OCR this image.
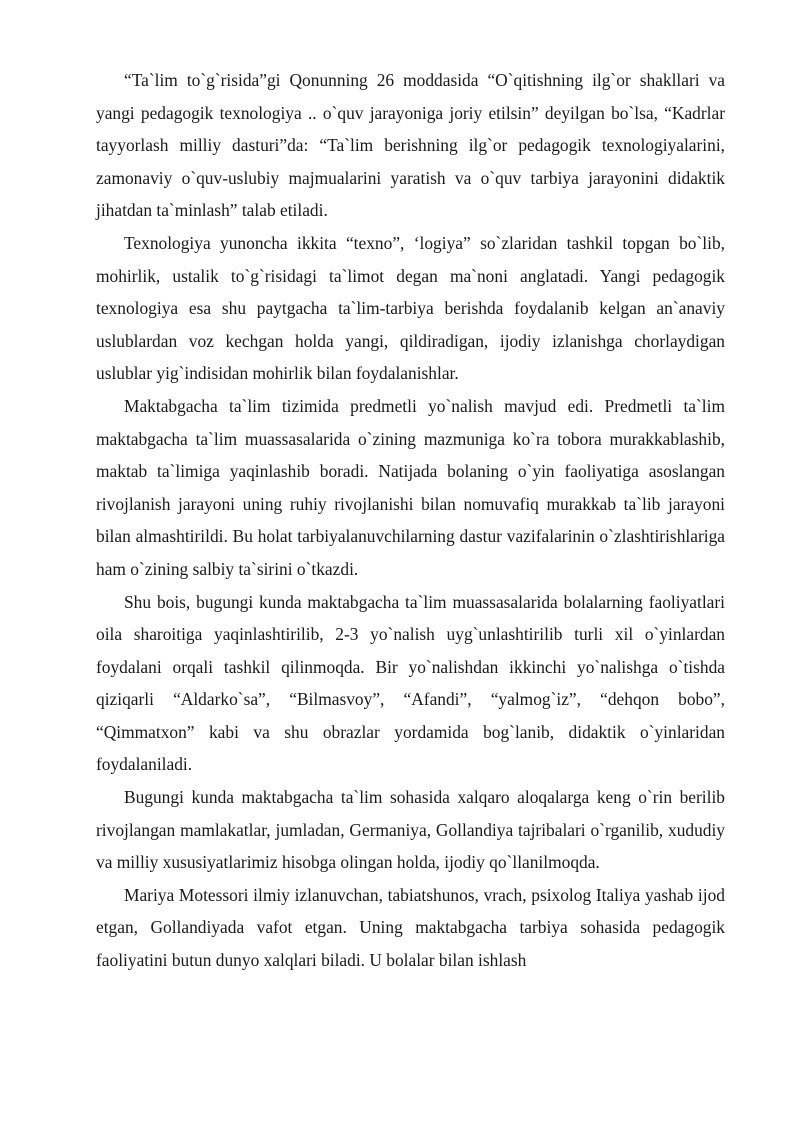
“Ta`lim to`g`risida”gi Qonunning 26 moddasida “O`qitishning ilg`or shakllari va yangi pedagogik texnologiya .. o`quv jarayoniga joriy etilsin” deyilgan bo`lsa, “Kadrlar tayyorlash milliy dasturi”da: “Ta`lim berishning ilg`or pedagogik texnologiyalarini, zamonaviy o`quv-uslubiy majmualarini yaratish va o`quv tarbiya jarayonini didaktik jihatdan ta`minlash” talab etiladi.

Texnologiya yunoncha ikkita “texno”, ‘logiya” so`zlaridan tashkil topgan bo`lib, mohirlik, ustalik to`g`risidagi ta`limot degan ma`noni anglatadi. Yangi pedagogik texnologiya esa shu paytgacha ta`lim-tarbiya berishda foydalanib kelgan an`anaviy uslublardan voz kechgan holda yangi, qildiradigan, ijodiy izlanishga chorlaydigan uslublar yig`indisidan mohirlik bilan foydalanishlar.

Maktabgacha ta`lim tizimida predmetli yo`nalish mavjud edi. Predmetli ta`lim maktabgacha ta`lim muassasalarida o`zining mazmuniga ko`ra tobora murakkablashib, maktab ta`limiga yaqinlashib boradi. Natijada bolaning o`yin faoliyatiga asoslangan rivojlanish jarayoni uning ruhiy rivojlanishi bilan nomuvafiq murakkab ta`lib jarayoni bilan almashtirildi. Bu holat tarbiyalanuvchilarning dastur vazifalarinin o`zlashtirishlariga ham o`zining salbiy ta`sirini o`tkazdi.

Shu bois, bugungi kunda maktabgacha ta`lim muassasalarida bolalarning faoliyatlari oila sharoitiga yaqinlashtirilib, 2-3 yo`nalish uyg`unlashtirilib turli xil o`yinlardan foydalani orqali tashkil qilinmoqda. Bir yo`nalishdan ikkinchi yo`nalishga o`tishda qiziqarli “Aldarko`sa”, “Bilmasvoy”, “Afandi”, “yalmog`iz”, “dehqon bobo”, “Qimmatxon” kabi va shu obrazlar yordamida bog`lanib, didaktik o`yinlaridan foydalaniladi.

Bugungi kunda maktabgacha ta`lim sohasida xalqaro aloqalarga keng o`rin berilib rivojlangan mamlakatlar, jumladan, Germaniya, Gollandiya tajribalari o`rganilib, xududiy va milliy xususiyatlarimiz hisobga olingan holda, ijodiy qo`llanilmoqda.

Mariya Motessori ilmiy izlanuvchan, tabiatshunos, vrach, psixolog Italiya yashab ijod etgan, Gollandiyada vafot etgan. Uning maktabgacha tarbiya sohasida pedagogik faoliyatini butun dunyo xalqlari biladi. U bolalar bilan ishlash
